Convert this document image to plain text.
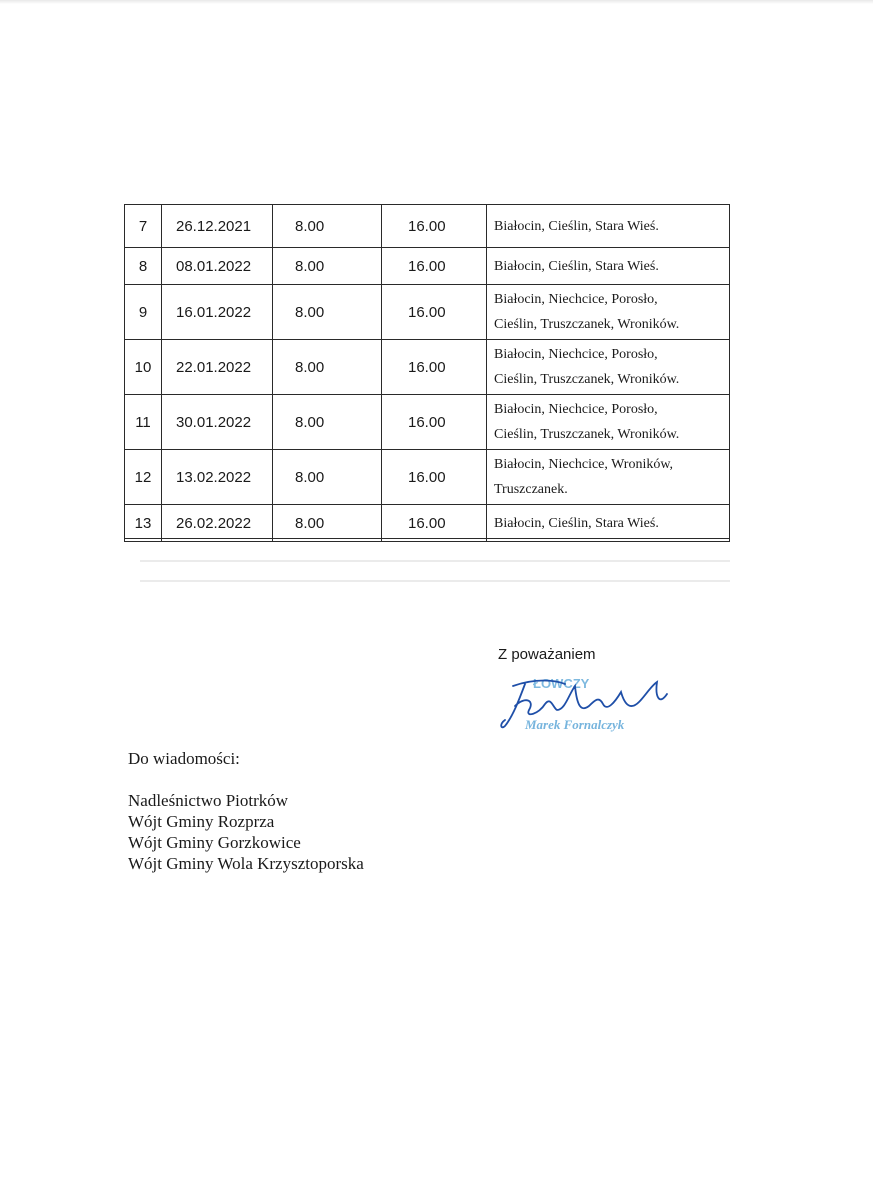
7	26.12.2021	8.00	16.00	Białocin, Cieślin, Stara Wieś.

8	08.01.2022	8.00	16.00	Białocin, Cieślin, Stara Wieś.

9	16.01.2022	8.00	16.00	Białocin, Niechcice, Porosło,
Cieślin, Truszczanek, Wroników.

10	22.01.2022	8.00	16.00	Białocin, Niechcice, Porosło,
Cieślin, Truszczanek, Wroników.

11	30.01.2022	8.00	16.00	Białocin, Niechcice, Porosło,
Cieślin, Truszczanek, Wroników.

12	13.02.2022	8.00	16.00	Białocin, Niechcice, Wroników,
Truszczanek.

13	26.02.2022	8.00	16.00	Białocin, Cieślin, Stara Wieś.
Z poważaniem
ŁOWCZY
Marek Fornalczyk
Do wiadomości:
Nadleśnictwo Piotrków
Wójt Gminy Rozprza
Wójt Gminy Gorzkowice
Wójt Gminy Wola Krzysztoporska
